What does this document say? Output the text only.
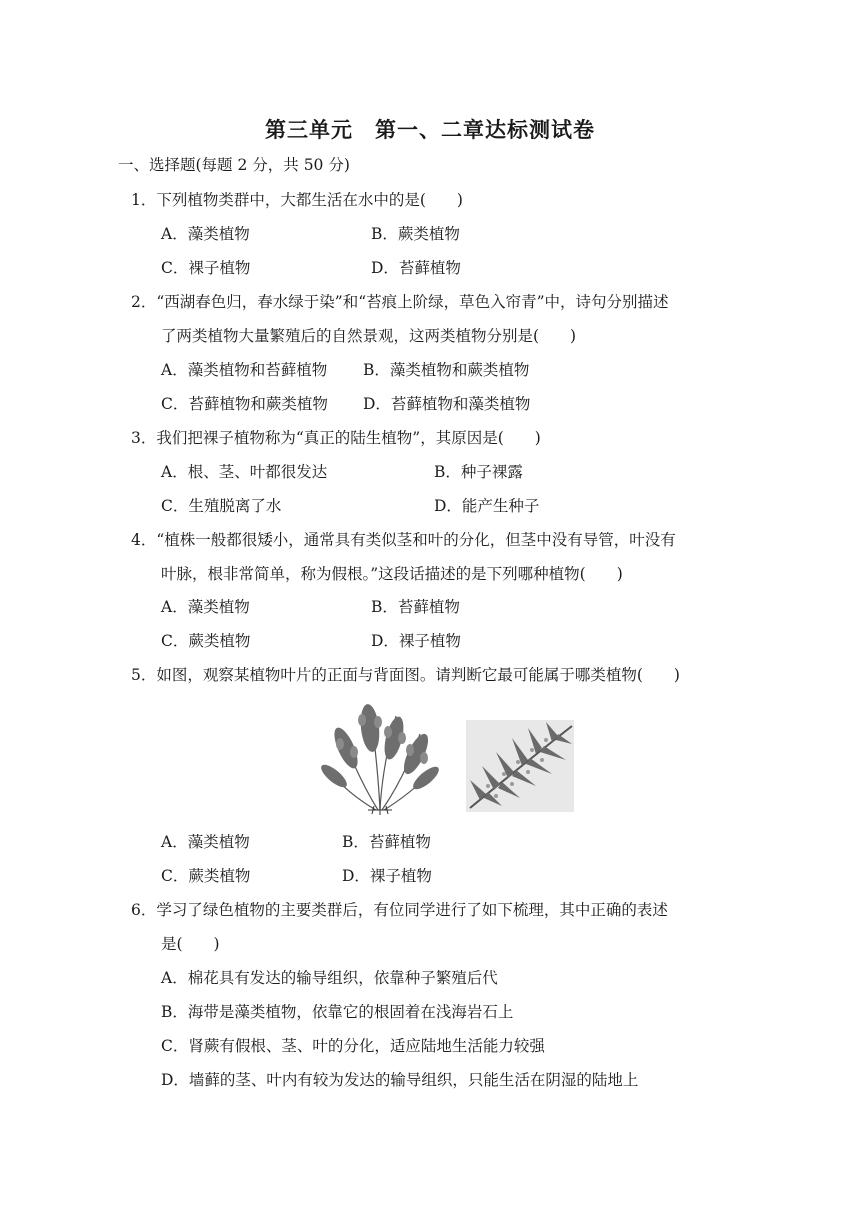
第三单元　第一、二章达标测试卷
一、选择题(每题 2 分，共 50 分)
1．下列植物类群中，大都生活在水中的是(　　)
A．藻类植物	B．蕨类植物
C．裸子植物	D．苔藓植物
2．“西湖春色归，春水绿于染”和“苔痕上阶绿，草色入帘青”中，诗句分别描述
了两类植物大量繁殖后的自然景观，这两类植物分别是(　　)
A．藻类植物和苔藓植物 B．藻类植物和蕨类植物
C．苔藓植物和蕨类植物 D．苔藓植物和藻类植物
3．我们把裸子植物称为“真正的陆生植物”，其原因是(　　)
A．根、茎、叶都很发达	B．种子裸露
C．生殖脱离了水	D．能产生种子
4．“植株一般都很矮小，通常具有类似茎和叶的分化，但茎中没有导管，叶没有
叶脉，根非常简单，称为假根。”这段话描述的是下列哪种植物(　　)
A．藻类植物	B．苔藓植物
C．蕨类植物	D．裸子植物
5．如图，观察某植物叶片的正面与背面图。请判断它最可能属于哪类植物(　　)
A．藻类植物	B．苔藓植物
C．蕨类植物	D．裸子植物
6．学习了绿色植物的主要类群后，有位同学进行了如下梳理，其中正确的表述
是(　　)
A．棉花具有发达的输导组织，依靠种子繁殖后代
B．海带是藻类植物，依靠它的根固着在浅海岩石上
C．肾蕨有假根、茎、叶的分化，适应陆地生活能力较强
D．墙藓的茎、叶内有较为发达的输导组织，只能生活在阴湿的陆地上
